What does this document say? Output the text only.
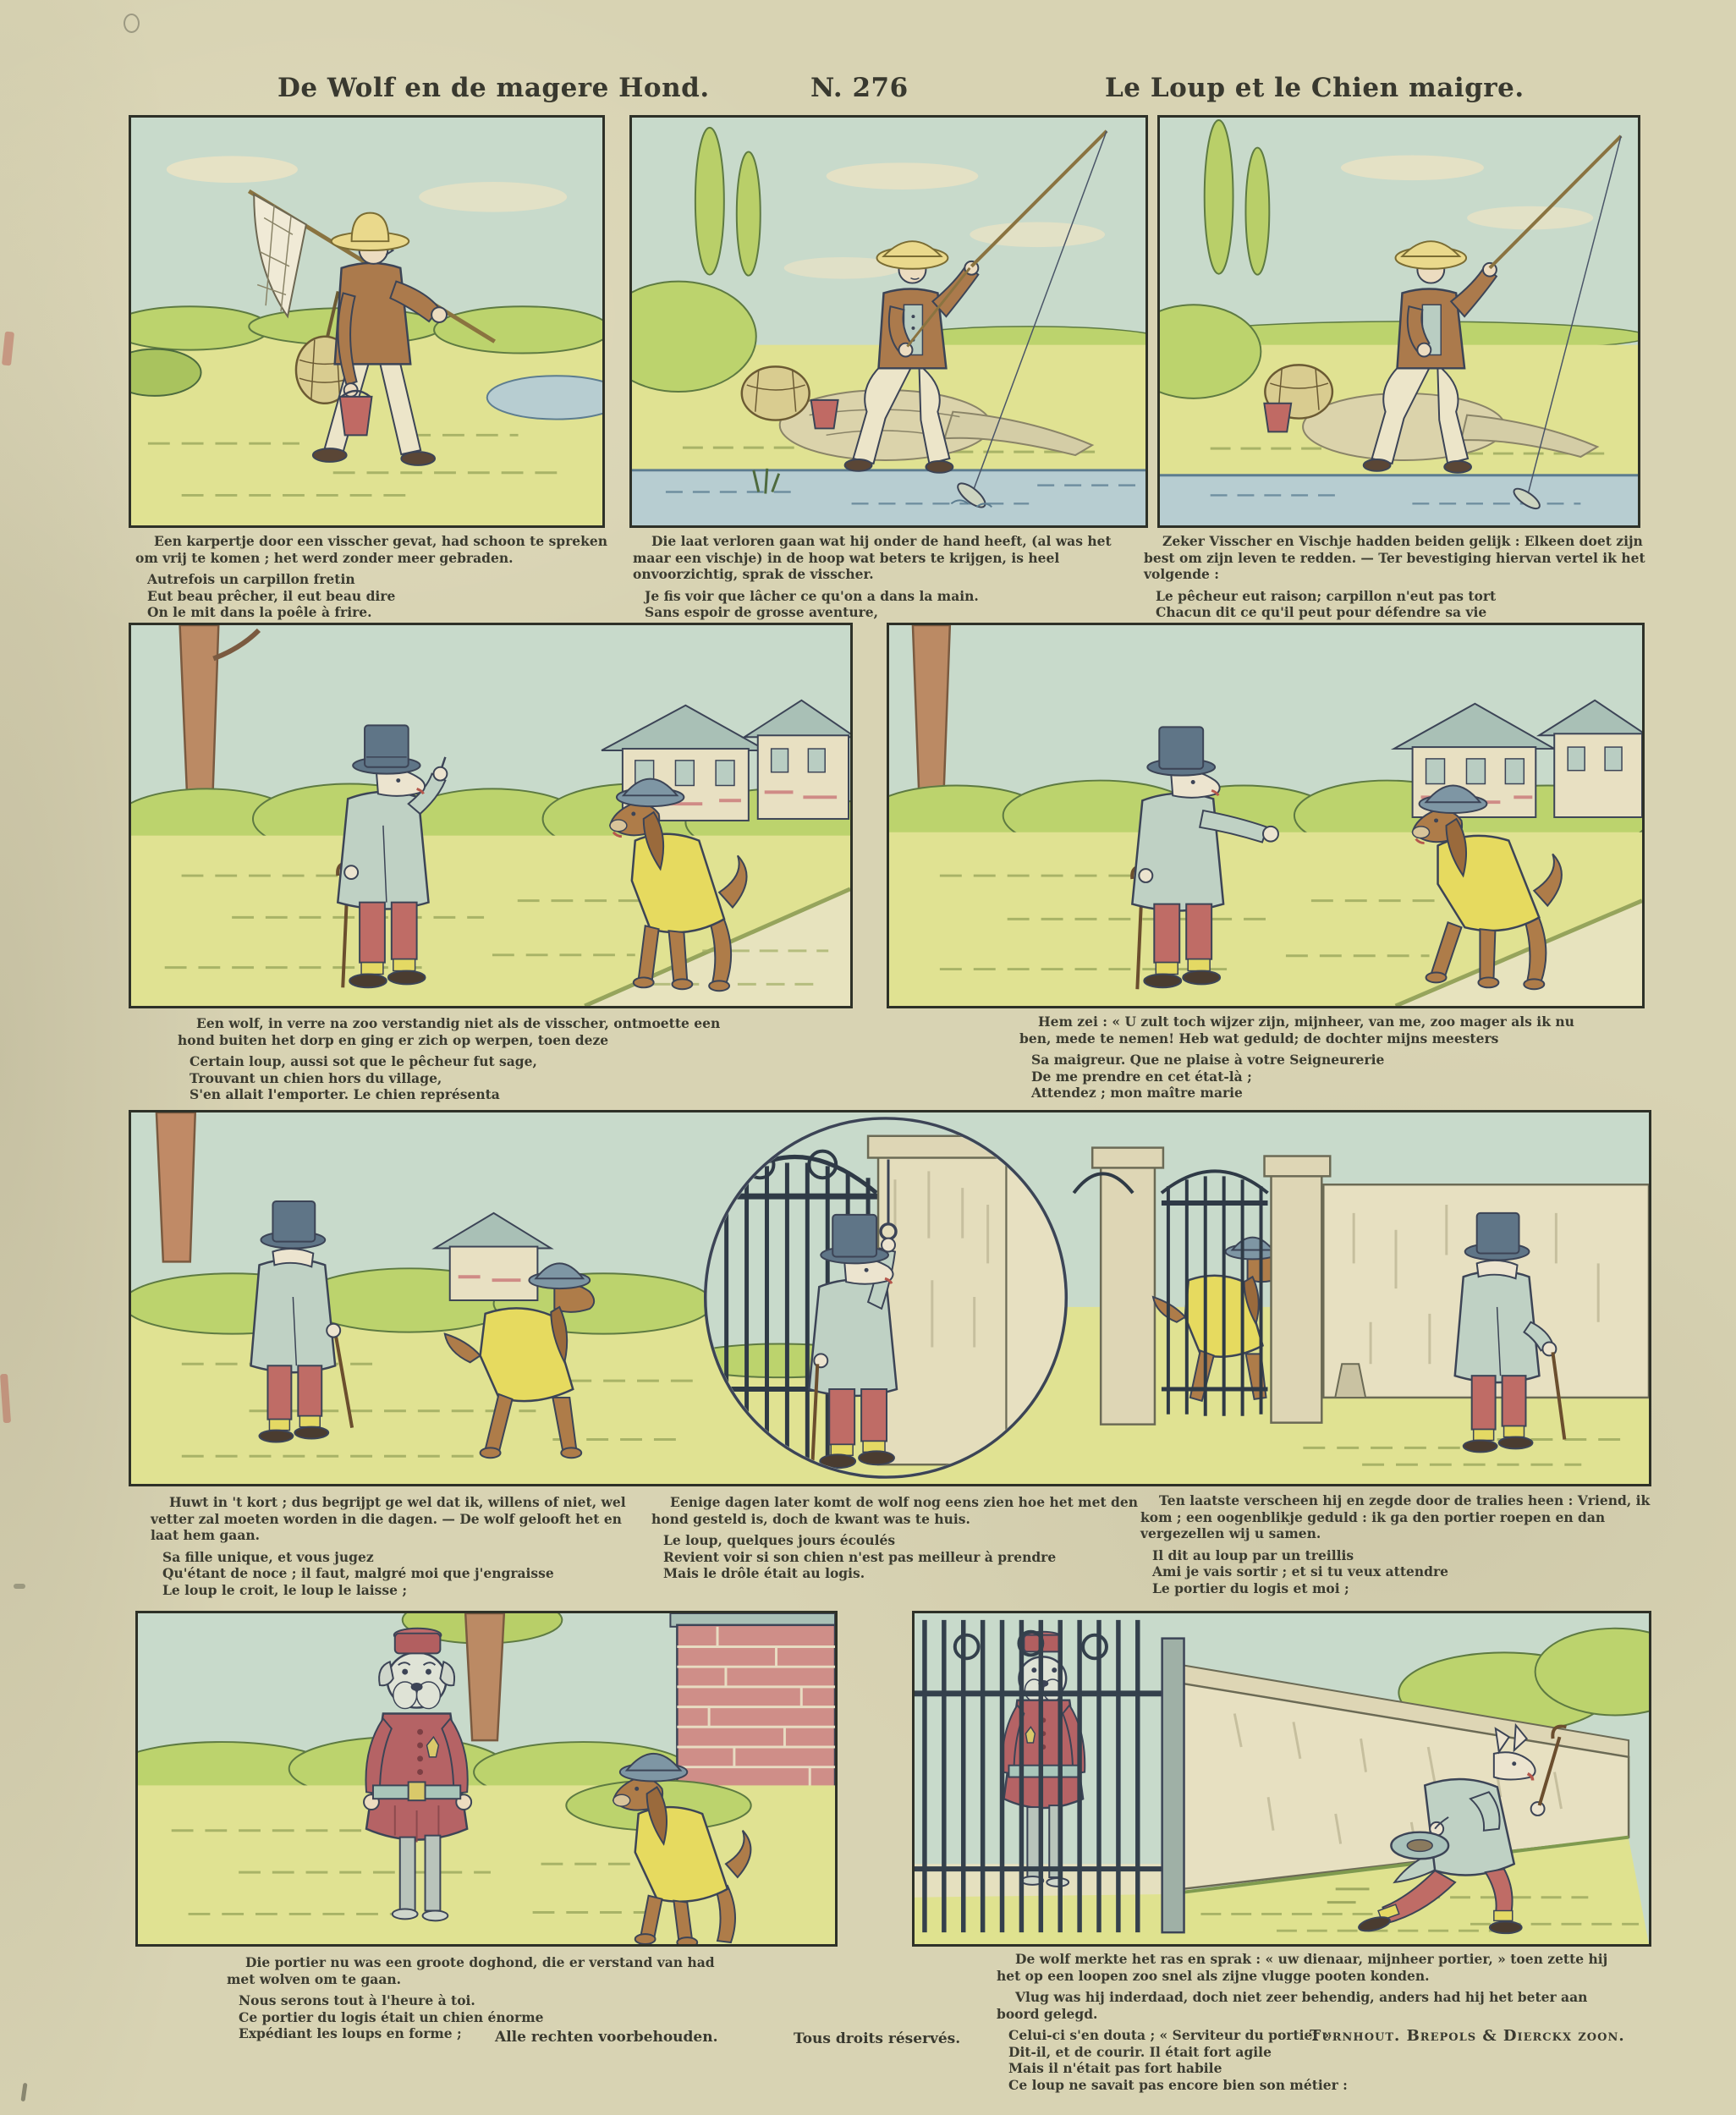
De Wolf en de magere Hond.	N. 276	Le Loup et le Chien maigre.

Een karpertje door een visscher gevat, had schoon te spreken om vrij te komen ; het werd zonder meer gebraden.

Autrefois un carpillon fretin
Eut beau prêcher, il eut beau dire
On le mit dans la poêle à frire.

Die laat verloren gaan wat hij onder de hand heeft, (al was het maar een vischje) in de hoop wat beters te krijgen, is heel onvoorzichtig, sprak de visscher.

Je fis voir que lâcher ce qu'on a dans la main.
Sans espoir de grosse aventure,

Zeker Visscher en Vischje hadden beiden gelijk : Elkeen doet zijn best om zijn leven te redden. — Ter bevestiging hiervan vertel ik het volgende :

Le pêcheur eut raison; carpillon n'eut pas tort
Chacun dit ce qu'il peut pour défendre sa vie

Een wolf, in verre na zoo verstandig niet als de visscher, ontmoette een hond buiten het dorp en ging er zich op werpen, toen deze

Certain loup, aussi sot que le pêcheur fut sage,
Trouvant un chien hors du village,
S'en allait l'emporter. Le chien représenta

Hem zei : « U zult toch wijzer zijn, mijnheer, van me, zoo mager als ik nu ben, mede te nemen! Heb wat geduld; de dochter mijns meesters

Sa maigreur. Que ne plaise à votre Seigneurerie
De me prendre en cet état-là ;
Attendez ; mon maître marie

Huwt in 't kort ; dus begrijpt ge wel dat ik, willens of niet, wel vetter zal moeten worden in die dagen. — De wolf gelooft het en laat hem gaan.

Sa fille unique, et vous jugez
Qu'étant de noce ; il faut, malgré moi que j'engraisse
Le loup le croit, le loup le laisse ;

Eenige dagen later komt de wolf nog eens zien hoe het met den hond gesteld is, doch de kwant was te huis.

Le loup, quelques jours écoulés
Revient voir si son chien n'est pas meilleur à prendre
Mais le drôle était au logis.

Ten laatste verscheen hij en zegde door de tralies heen : Vriend, ik kom ; een oogenblikje geduld : ik ga den portier roepen en dan vergezellen wij u samen.

Il dit au loup par un treillis
Ami je vais sortir ; et si tu veux attendre
Le portier du logis et moi ;

Die portier nu was een groote doghond, die er verstand van had met wolven om te gaan.

Nous serons tout à l'heure à toi.
Ce portier du logis était un chien énorme
Expédiant les loups en forme ;

De wolf merkte het ras en sprak : « uw dienaar, mijnheer portier, » toen zette hij het op een loopen zoo snel als zijne vlugge pooten konden.

Vlug was hij inderdaad, doch niet zeer behendig, anders had hij het beter aan boord gelegd.

Celui-ci s'en douta ; « Serviteur du portier »
Dit-il, et de courir. Il était fort agile
Mais il n'était pas fort habile
Ce loup ne savait pas encore bien son métier :
Alle rechten voorbehouden.	Tous droits réservés.	Turnhout. Brepols & Dierckx zoon.
